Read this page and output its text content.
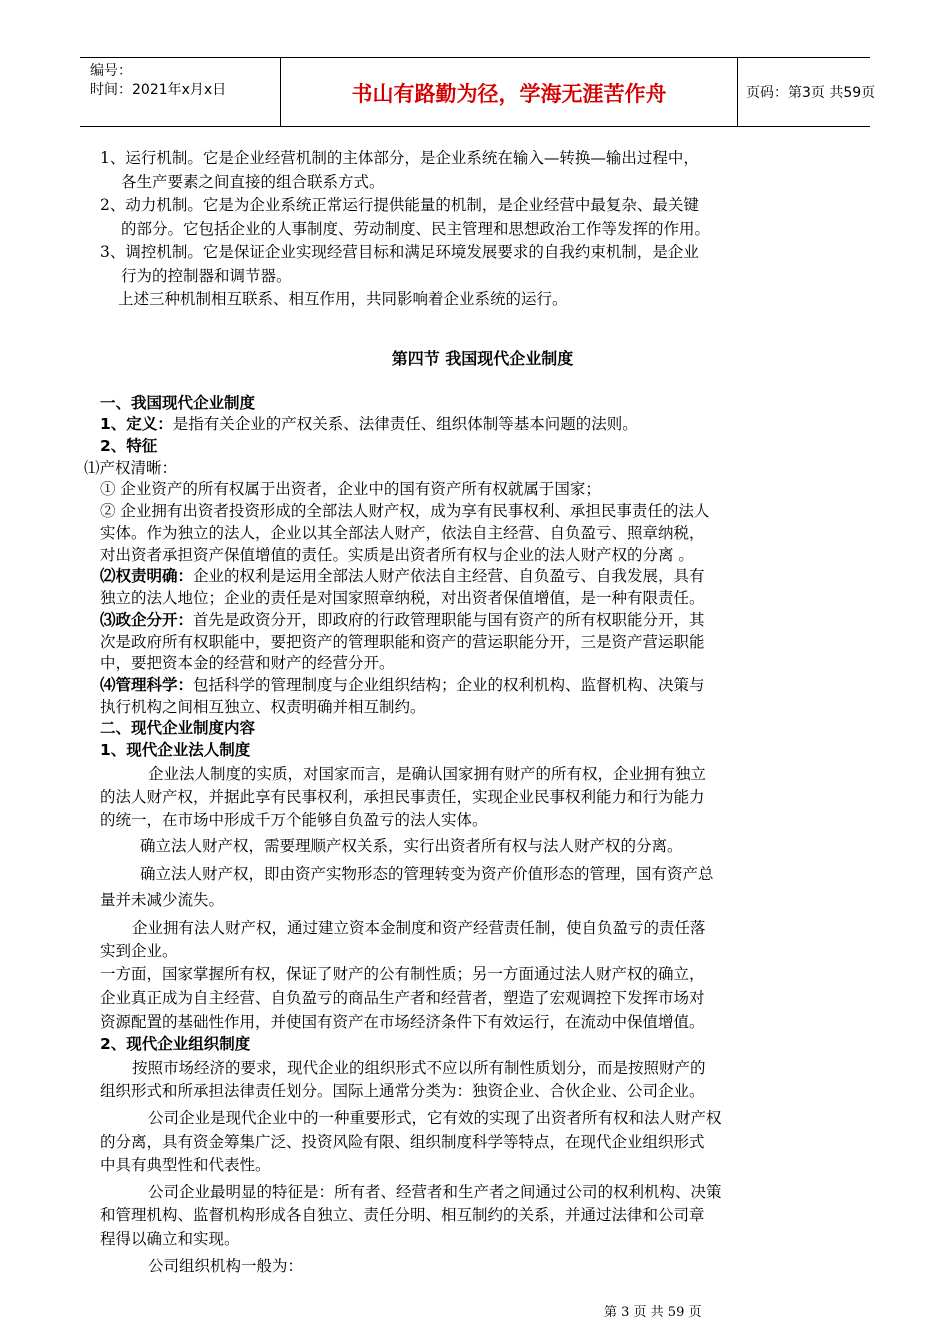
编号：
时间：2021年x月x日	书山有路勤为径，学海无涯苦作舟	页码：第3页 共59页
1、运行机制。它是企业经营机制的主体部分，是企业系统在输入—转换—输出过程中，
各生产要素之间直接的组合联系方式。
2、动力机制。它是为企业系统正常运行提供能量的机制，是企业经营中最复杂、最关键
的部分。它包括企业的人事制度、劳动制度、民主管理和思想政治工作等发挥的作用。
3、调控机制。它是保证企业实现经营目标和满足环境发展要求的自我约束机制，是企业
行为的控制器和调节器。
上述三种机制相互联系、相互作用，共同影响着企业系统的运行。
第四节 我国现代企业制度
一、我国现代企业制度
1、定义：是指有关企业的产权关系、法律责任、组织体制等基本问题的法则。
2、特征
⑴产权清晰：
① 企业资产的所有权属于出资者，企业中的国有资产所有权就属于国家；
② 企业拥有出资者投资形成的全部法人财产权，成为享有民事权利、承担民事责任的法人
实体。作为独立的法人，企业以其全部法人财产，依法自主经营、自负盈亏、照章纳税，
对出资者承担资产保值增值的责任。实质是出资者所有权与企业的法人财产权的分离 。
⑵权责明确：企业的权利是运用全部法人财产依法自主经营、自负盈亏、自我发展，具有
独立的法人地位；企业的责任是对国家照章纳税，对出资者保值增值，是一种有限责任。
⑶政企分开：首先是政资分开，即政府的行政管理职能与国有资产的所有权职能分开，其
次是政府所有权职能中，要把资产的管理职能和资产的营运职能分开，三是资产营运职能
中，要把资本金的经营和财产的经营分开。
⑷管理科学：包括科学的管理制度与企业组织结构；企业的权利机构、监督机构、决策与
执行机构之间相互独立、权责明确并相互制约。
二、现代企业制度内容
1、现代企业法人制度
企业法人制度的实质，对国家而言，是确认国家拥有财产的所有权，企业拥有独立
的法人财产权，并据此享有民事权利，承担民事责任，实现企业民事权利能力和行为能力
的统一，在市场中形成千万个能够自负盈亏的法人实体。
确立法人财产权，需要理顺产权关系，实行出资者所有权与法人财产权的分离。
确立法人财产权，即由资产实物形态的管理转变为资产价值形态的管理，国有资产总
量并未减少流失。
企业拥有法人财产权，通过建立资本金制度和资产经营责任制，使自负盈亏的责任落
实到企业。
一方面，国家掌握所有权，保证了财产的公有制性质；另一方面通过法人财产权的确立，
企业真正成为自主经营、自负盈亏的商品生产者和经营者，塑造了宏观调控下发挥市场对
资源配置的基础性作用，并使国有资产在市场经济条件下有效运行，在流动中保值增值。
2、现代企业组织制度
按照市场经济的要求，现代企业的组织形式不应以所有制性质划分，而是按照财产的
组织形式和所承担法律责任划分。国际上通常分类为：独资企业、合伙企业、公司企业。
公司企业是现代企业中的一种重要形式，它有效的实现了出资者所有权和法人财产权
的分离，具有资金筹集广泛、投资风险有限、组织制度科学等特点，在现代企业组织形式
中具有典型性和代表性。
公司企业最明显的特征是：所有者、经营者和生产者之间通过公司的权利机构、决策
和管理机构、监督机构形成各自独立、责任分明、相互制约的关系，并通过法律和公司章
程得以确立和实现。
公司组织机构一般为：
第 3 页 共 59 页
